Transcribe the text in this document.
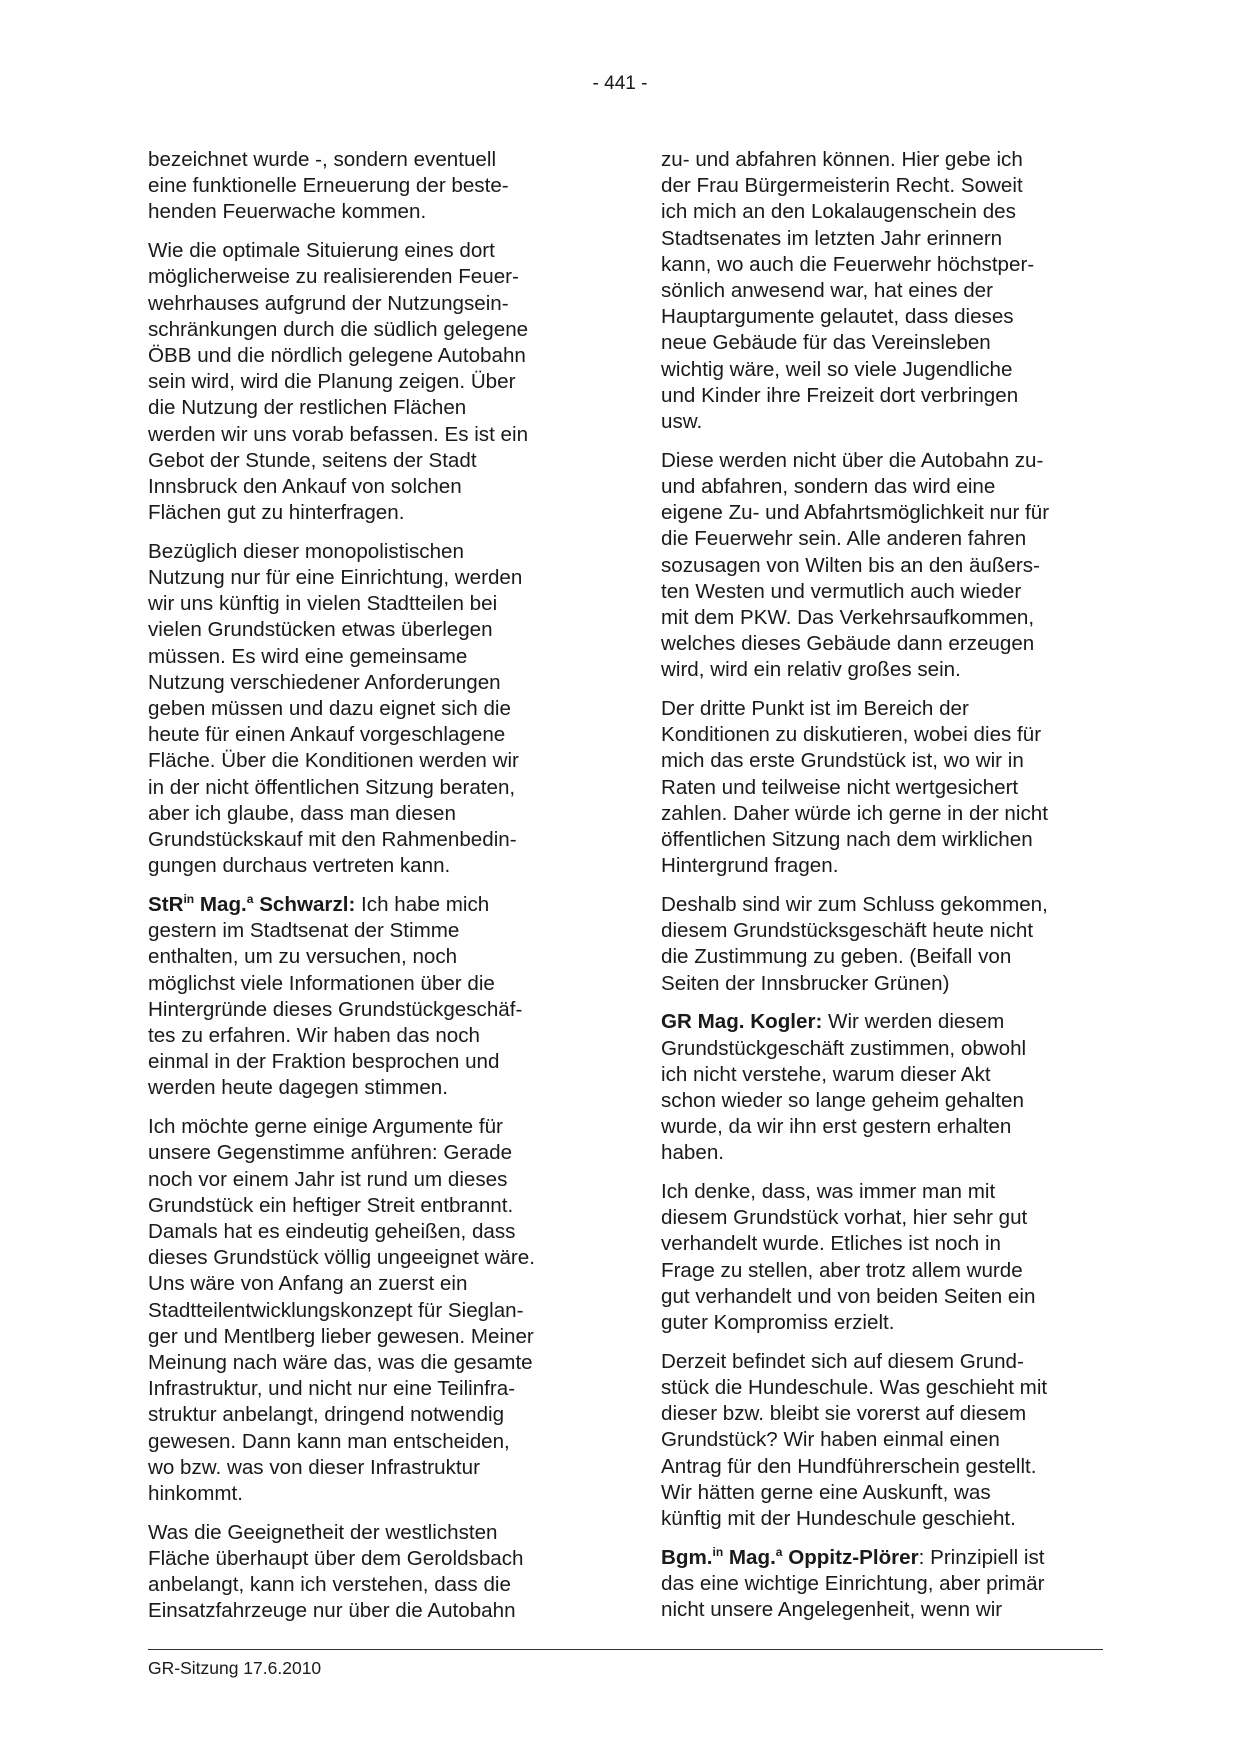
- 441 -

bezeichnet wurde -, sondern eventuell
eine funktionelle Erneuerung der beste-
henden Feuerwache kommen.

Wie die optimale Situierung eines dort
möglicherweise zu realisierenden Feuer-
wehrhauses aufgrund der Nutzungsein-
schränkungen durch die südlich gelegene
ÖBB und die nördlich gelegene Autobahn
sein wird, wird die Planung zeigen. Über
die Nutzung der restlichen Flächen
werden wir uns vorab befassen. Es ist ein
Gebot der Stunde, seitens der Stadt
Innsbruck den Ankauf von solchen
Flächen gut zu hinterfragen.

Bezüglich dieser monopolistischen
Nutzung nur für eine Einrichtung, werden
wir uns künftig in vielen Stadtteilen bei
vielen Grundstücken etwas überlegen
müssen. Es wird eine gemeinsame
Nutzung verschiedener Anforderungen
geben müssen und dazu eignet sich die
heute für einen Ankauf vorgeschlagene
Fläche. Über die Konditionen werden wir
in der nicht öffentlichen Sitzung beraten,
aber ich glaube, dass man diesen
Grundstückskauf mit den Rahmenbedin-
gungen durchaus vertreten kann.

StR$^{in}$ Mag.$^a$ Schwarzl: Ich habe mich
gestern im Stadtsenat der Stimme
enthalten, um zu versuchen, noch
möglichst viele Informationen über die
Hintergründe dieses Grundstückgeschäf-
tes zu erfahren. Wir haben das noch
einmal in der Fraktion besprochen und
werden heute dagegen stimmen.

Ich möchte gerne einige Argumente für
unsere Gegenstimme anführen: Gerade
noch vor einem Jahr ist rund um dieses
Grundstück ein heftiger Streit entbrannt.
Damals hat es eindeutig geheißen, dass
dieses Grundstück völlig ungeeignet wäre.
Uns wäre von Anfang an zuerst ein
Stadtteilentwicklungskonzept für Sieglan-
ger und Mentlberg lieber gewesen. Meiner
Meinung nach wäre das, was die gesamte
Infrastruktur, und nicht nur eine Teilinfra-
struktur anbelangt, dringend notwendig
gewesen. Dann kann man entscheiden,
wo bzw. was von dieser Infrastruktur
hinkommt.

Was die Geeignetheit der westlichsten
Fläche überhaupt über dem Geroldsbach
anbelangt, kann ich verstehen, dass die
Einsatzfahrzeuge nur über die Autobahn

zu- und abfahren können. Hier gebe ich
der Frau Bürgermeisterin Recht. Soweit
ich mich an den Lokalaugenschein des
Stadtsenates im letzten Jahr erinnern
kann, wo auch die Feuerwehr höchstper-
sönlich anwesend war, hat eines der
Hauptargumente gelautet, dass dieses
neue Gebäude für das Vereinsleben
wichtig wäre, weil so viele Jugendliche
und Kinder ihre Freizeit dort verbringen
usw.

Diese werden nicht über die Autobahn zu-
und abfahren, sondern das wird eine
eigene Zu- und Abfahrtsmöglichkeit nur für
die Feuerwehr sein. Alle anderen fahren
sozusagen von Wilten bis an den äußers-
ten Westen und vermutlich auch wieder
mit dem PKW. Das Verkehrsaufkommen,
welches dieses Gebäude dann erzeugen
wird, wird ein relativ großes sein.

Der dritte Punkt ist im Bereich der
Konditionen zu diskutieren, wobei dies für
mich das erste Grundstück ist, wo wir in
Raten und teilweise nicht wertgesichert
zahlen. Daher würde ich gerne in der nicht
öffentlichen Sitzung nach dem wirklichen
Hintergrund fragen.

Deshalb sind wir zum Schluss gekommen,
diesem Grundstücksgeschäft heute nicht
die Zustimmung zu geben. (Beifall von
Seiten der Innsbrucker Grünen)

GR Mag. Kogler: Wir werden diesem
Grundstückgeschäft zustimmen, obwohl
ich nicht verstehe, warum dieser Akt
schon wieder so lange geheim gehalten
wurde, da wir ihn erst gestern erhalten
haben.

Ich denke, dass, was immer man mit
diesem Grundstück vorhat, hier sehr gut
verhandelt wurde. Etliches ist noch in
Frage zu stellen, aber trotz allem wurde
gut verhandelt und von beiden Seiten ein
guter Kompromiss erzielt.

Derzeit befindet sich auf diesem Grund-
stück die Hundeschule. Was geschieht mit
dieser bzw. bleibt sie vorerst auf diesem
Grundstück? Wir haben einmal einen
Antrag für den Hundführerschein gestellt.
Wir hätten gerne eine Auskunft, was
künftig mit der Hundeschule geschieht.

Bgm.$^{in}$ Mag.$^a$ Oppitz-Plörer: Prinzipiell ist
das eine wichtige Einrichtung, aber primär
nicht unsere Angelegenheit, wenn wir

GR-Sitzung 17.6.2010
